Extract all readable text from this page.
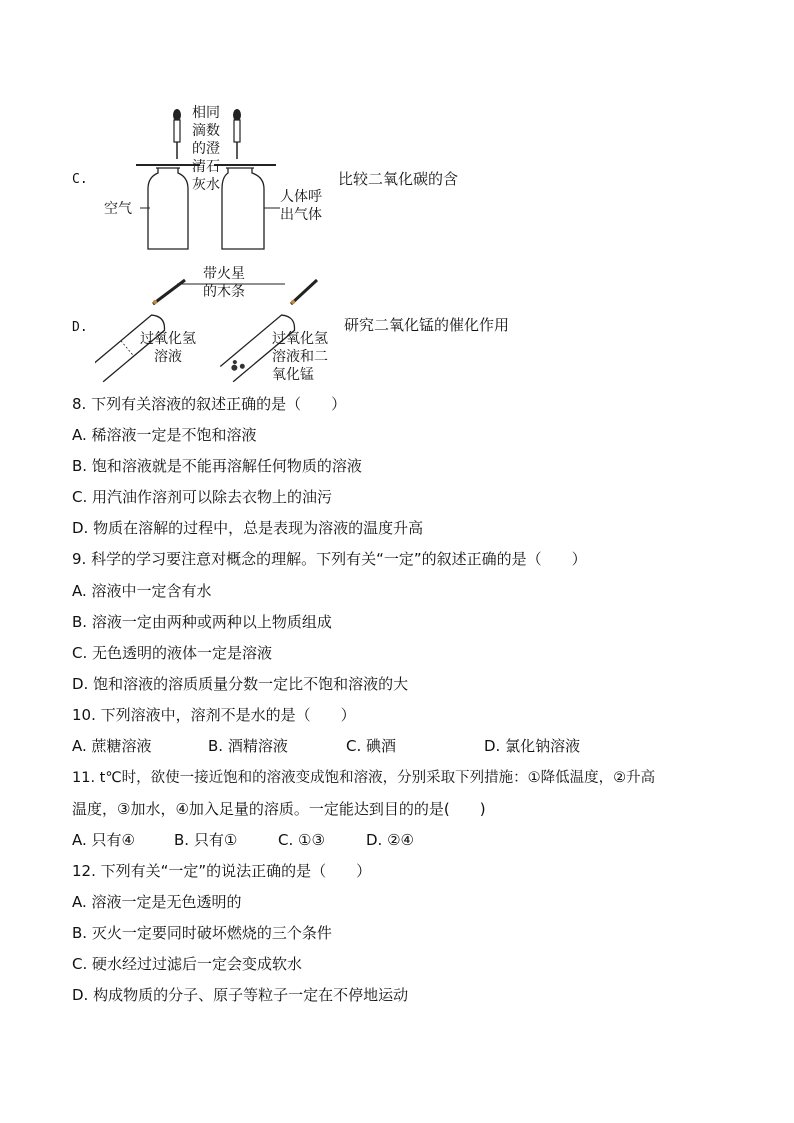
C.
相同
滴数
的澄
清石
灰水
空气
人体呼
出气体
比较二氧化碳的含
D.
带火星
的木条
过氧化氢
溶液
过氧化氢
溶液和二
氧化锰
研究二氧化锰的催化作用
8. 下列有关溶液的叙述正确的是（　　）
A. 稀溶液一定是不饱和溶液
B. 饱和溶液就是不能再溶解任何物质的溶液
C. 用汽油作溶剂可以除去衣物上的油污
D. 物质在溶解的过程中，总是表现为溶液的温度升高
9. 科学的学习要注意对概念的理解。下列有关“一定”的叙述正确的是（　　）
A. 溶液中一定含有水
B. 溶液一定由两种或两种以上物质组成
C. 无色透明的液体一定是溶液
D. 饱和溶液的溶质质量分数一定比不饱和溶液的大
10. 下列溶液中，溶剂不是水的是（　　）
A. 蔗糖溶液	B. 酒精溶液	C. 碘酒	D. 氯化钠溶液
11. t℃时，欲使一接近饱和的溶液变成饱和溶液，分别采取下列措施：①降低温度，②升高
温度，③加水，④加入足量的溶质。一定能达到目的的是(　　)
A. 只有④	B. 只有①	C. ①③	D. ②④
12. 下列有关“一定”的说法正确的是（　　）
A. 溶液一定是无色透明的
B. 灭火一定要同时破坏燃烧的三个条件
C. 硬水经过过滤后一定会变成软水
D. 构成物质的分子、原子等粒子一定在不停地运动
